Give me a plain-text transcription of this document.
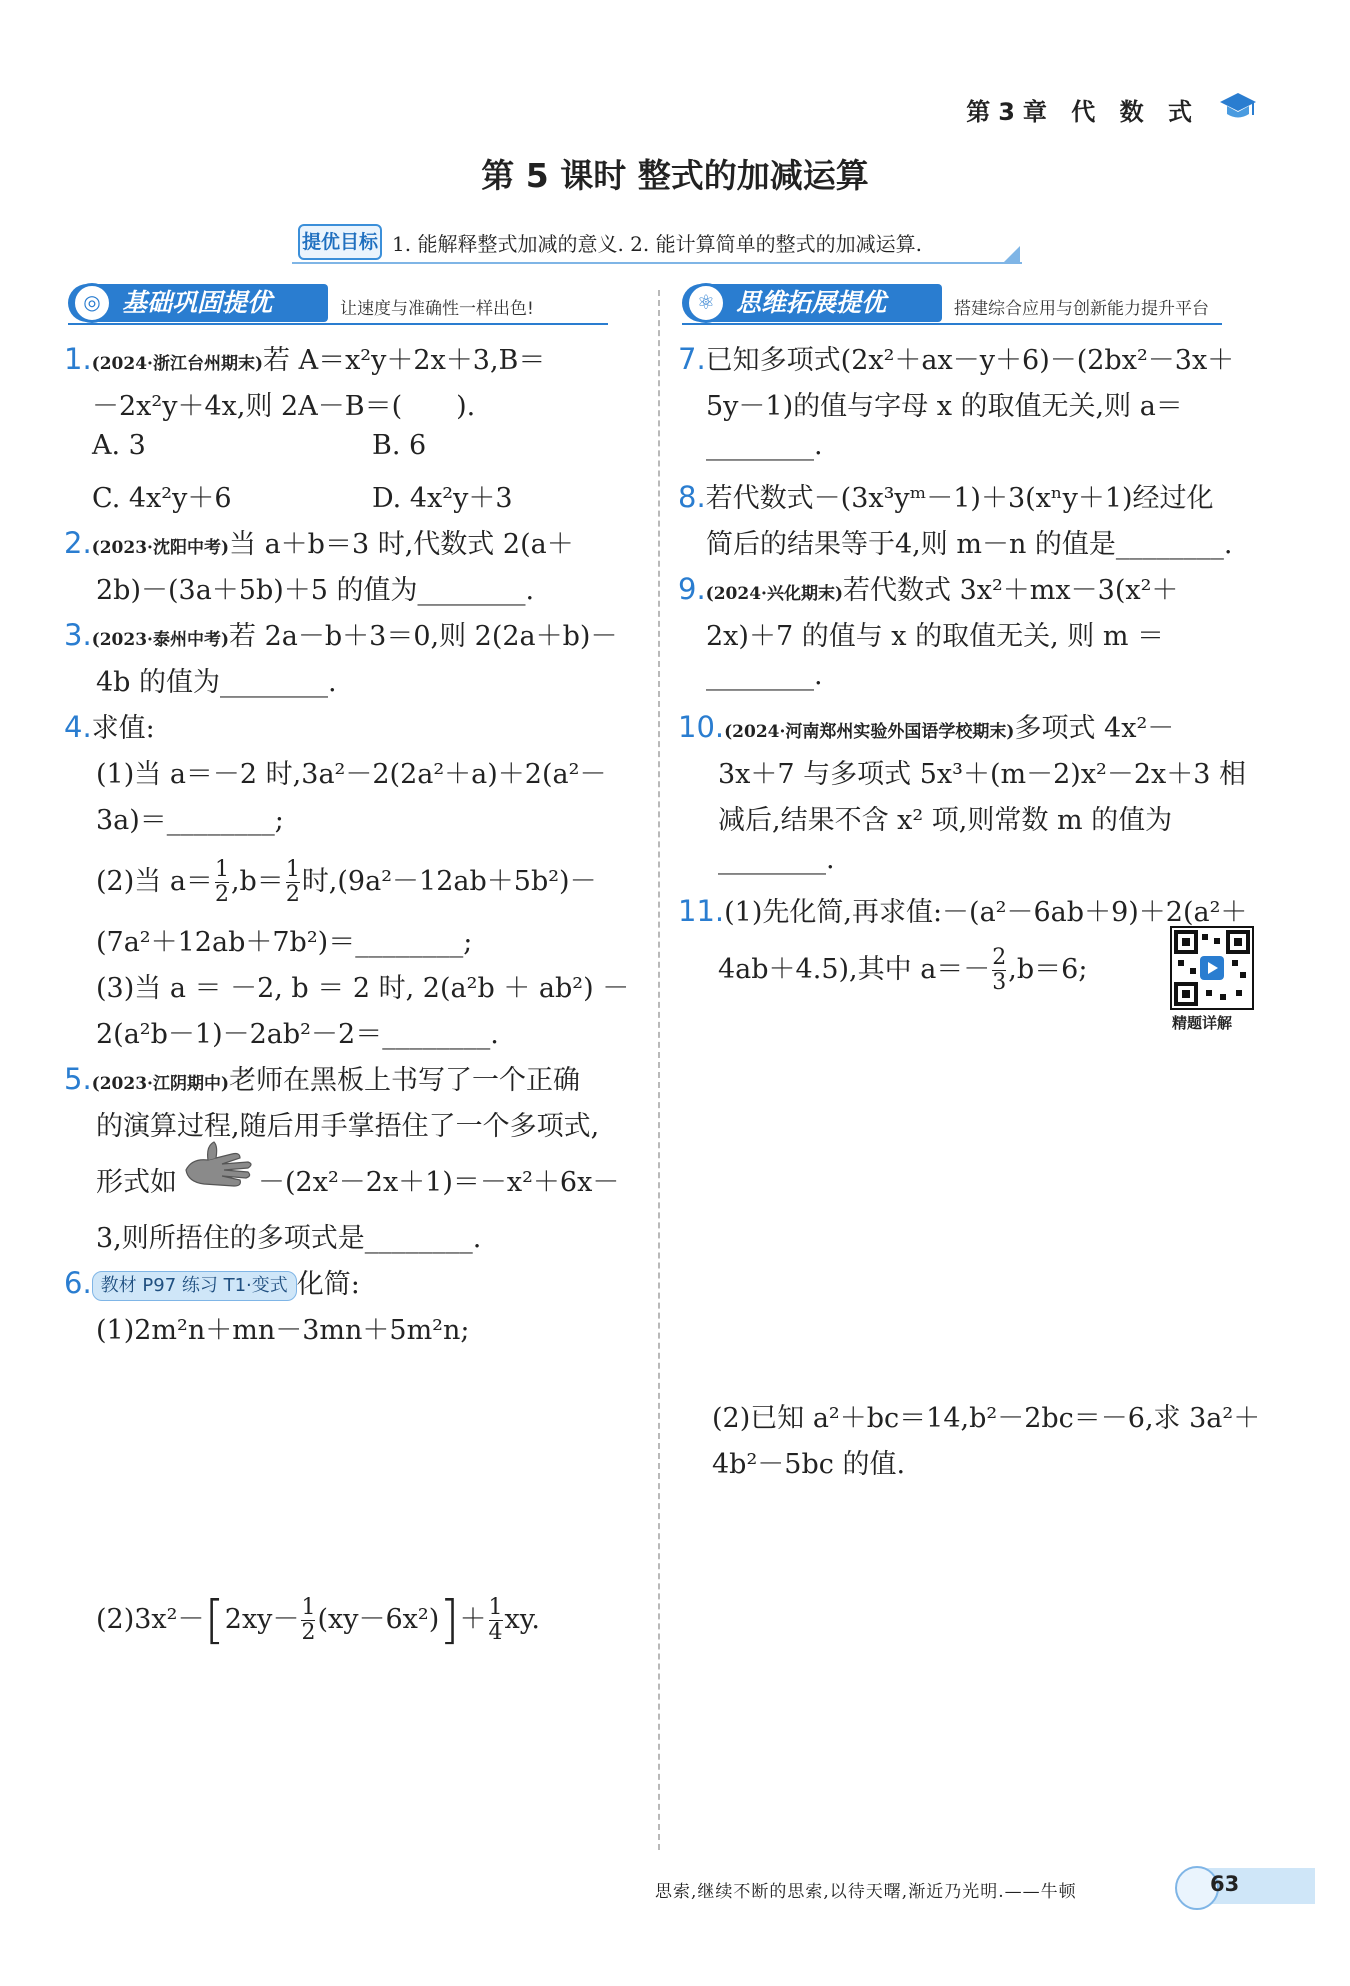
第3章 代 数 式
第 5 课时 整式的加减运算
提优目标 1. 能解释整式加减的意义. 2. 能计算简单的整式的加减运算.
◎ 基础巩固提优	让速度与准确性一样出色!	⚛ 思维拓展提优	搭建综合应用与创新能力提升平台
1.(2024·浙江台州期末)若 A＝x²y＋2x＋3,B＝
－2x²y＋4x,则 2A－B＝(　　).
A. 3	B. 6
C. 4x²y＋6	D. 4x²y＋3
2.(2023·沈阳中考)当 a＋b＝3 时,代数式 2(a＋
2b)－(3a＋5b)＋5 的值为________.
3.(2023·泰州中考)若 2a－b＋3＝0,则 2(2a＋b)－
4b 的值为________.
4.求值:
(1)当 a＝－2 时,3a²－2(2a²＋a)＋2(a²－
3a)＝________;
(2)当 $a= \frac{1}{2} ,b= \frac{1}{2}$ 时,(9a²－12ab＋5b²)－
(7a²＋12ab＋7b²)＝________;
(3)当 a ＝ －2, b ＝ 2 时, 2(a²b ＋ ab²) －
2(a²b－1)－2ab²－2＝________.
5.(2023·江阴期中)老师在黑板上书写了一个正确
的演算过程,随后用手掌捂住了一个多项式,
形式如	－(2x²－2x＋1)＝－x²＋6x－
3,则所捂住的多项式是________.
6. 教材 P97 练习 T1·变式 化简:
(1)2m²n＋mn－3mn＋5m²n;
$(2)3x^2-[2xy- \frac{1}{2} (xy-6x^2)]+ \frac{1}{4}$ xy.
7.已知多项式(2x²＋ax－y＋6)－(2bx²－3x＋
5y－1)的值与字母 x 的取值无关,则 a＝
________.
8.若代数式－(3x³yᵐ－1)＋3(xⁿy＋1)经过化
简后的结果等于4,则 m－n 的值是________.
9.(2024·兴化期末)若代数式 3x²＋mx－3(x²＋
2x)＋7 的值与 x 的取值无关, 则 m ＝
________.
10.(2024·河南郑州实验外国语学校期末)多项式 4x²－
3x＋7 与多项式 5x³＋(m－2)x²－2x＋3 相
减后,结果不含 x² 项,则常数 m 的值为
________.
11.(1)先化简,再求值:－(a²－6ab＋9)＋2(a²＋
4ab＋4.5),其中 $a=- \frac{2}{3} ,b=6$;
精题详解
(2)已知 a²＋bc＝14,b²－2bc＝－6,求 3a²＋
4b²－5bc 的值.
思索,继续不断的思索,以待天曙,渐近乃光明.——牛顿	63
